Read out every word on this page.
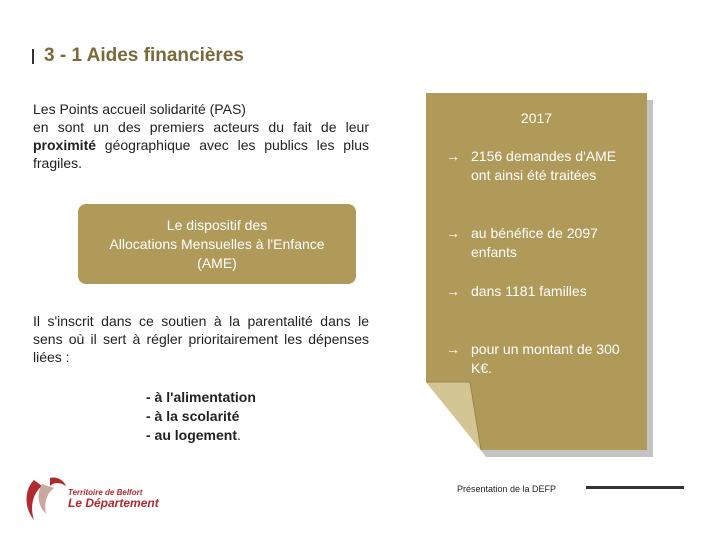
3 - 1 Aides financières
Les Points accueil solidarité (PAS)
en sont un des premiers acteurs du fait de leur proximité géographique avec les publics les plus fragiles.
Le dispositif des
Allocations Mensuelles à l'Enfance
(AME)
Il s'inscrit dans ce soutien à la parentalité dans le sens où il sert à régler prioritairement les dépenses liées :
- à l'alimentation
- à la scolarité
- au logement.
2017
→ 2156 demandes d'AME ont ainsi été traitées
→ au bénéfice de 2097 enfants
→ dans 1181 familles
→ pour un montant de 300 K€.
Territoire de Belfort
Le Département
Présentation de la DEFP
